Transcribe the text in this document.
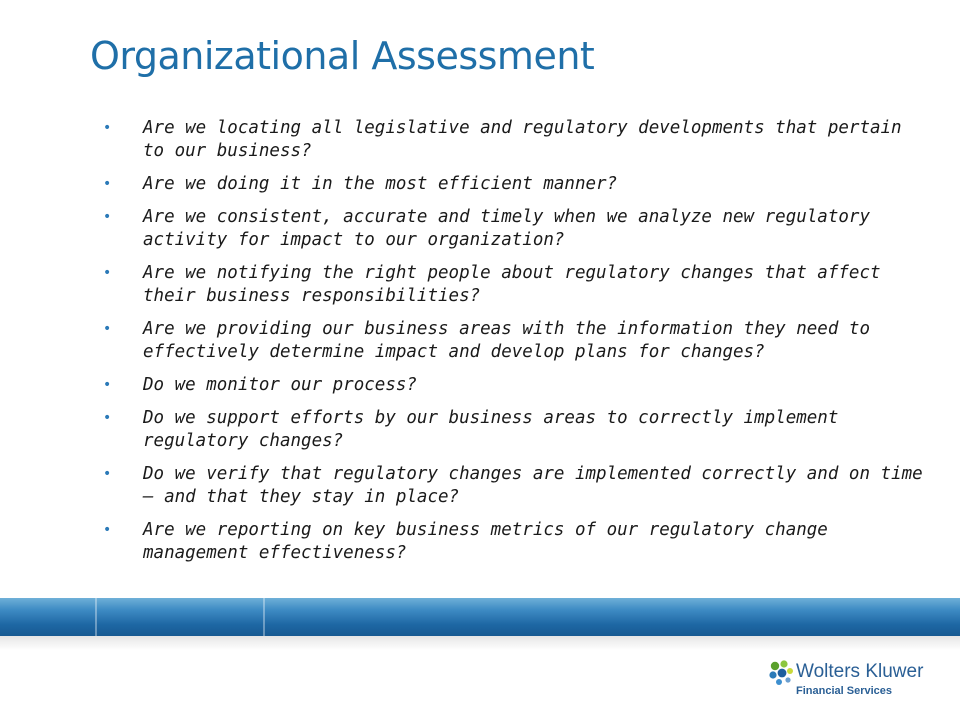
Organizational Assessment
• Are we locating all legislative and regulatory developments that pertain to our business?
• Are we doing it in the most efficient manner?
• Are we consistent, accurate and timely when we analyze new regulatory activity for impact to our organization?
• Are we notifying the right people about regulatory changes that affect their business responsibilities?
• Are we providing our business areas with the information they need to effectively determine impact and develop plans for changes?
• Do we monitor our process?
• Do we support efforts by our business areas to correctly implement regulatory changes?
• Do we verify that regulatory changes are implemented correctly and on time – and that they stay in place?
• Are we reporting on key business metrics of our regulatory change management effectiveness?
Wolters Kluwer
Financial Services
